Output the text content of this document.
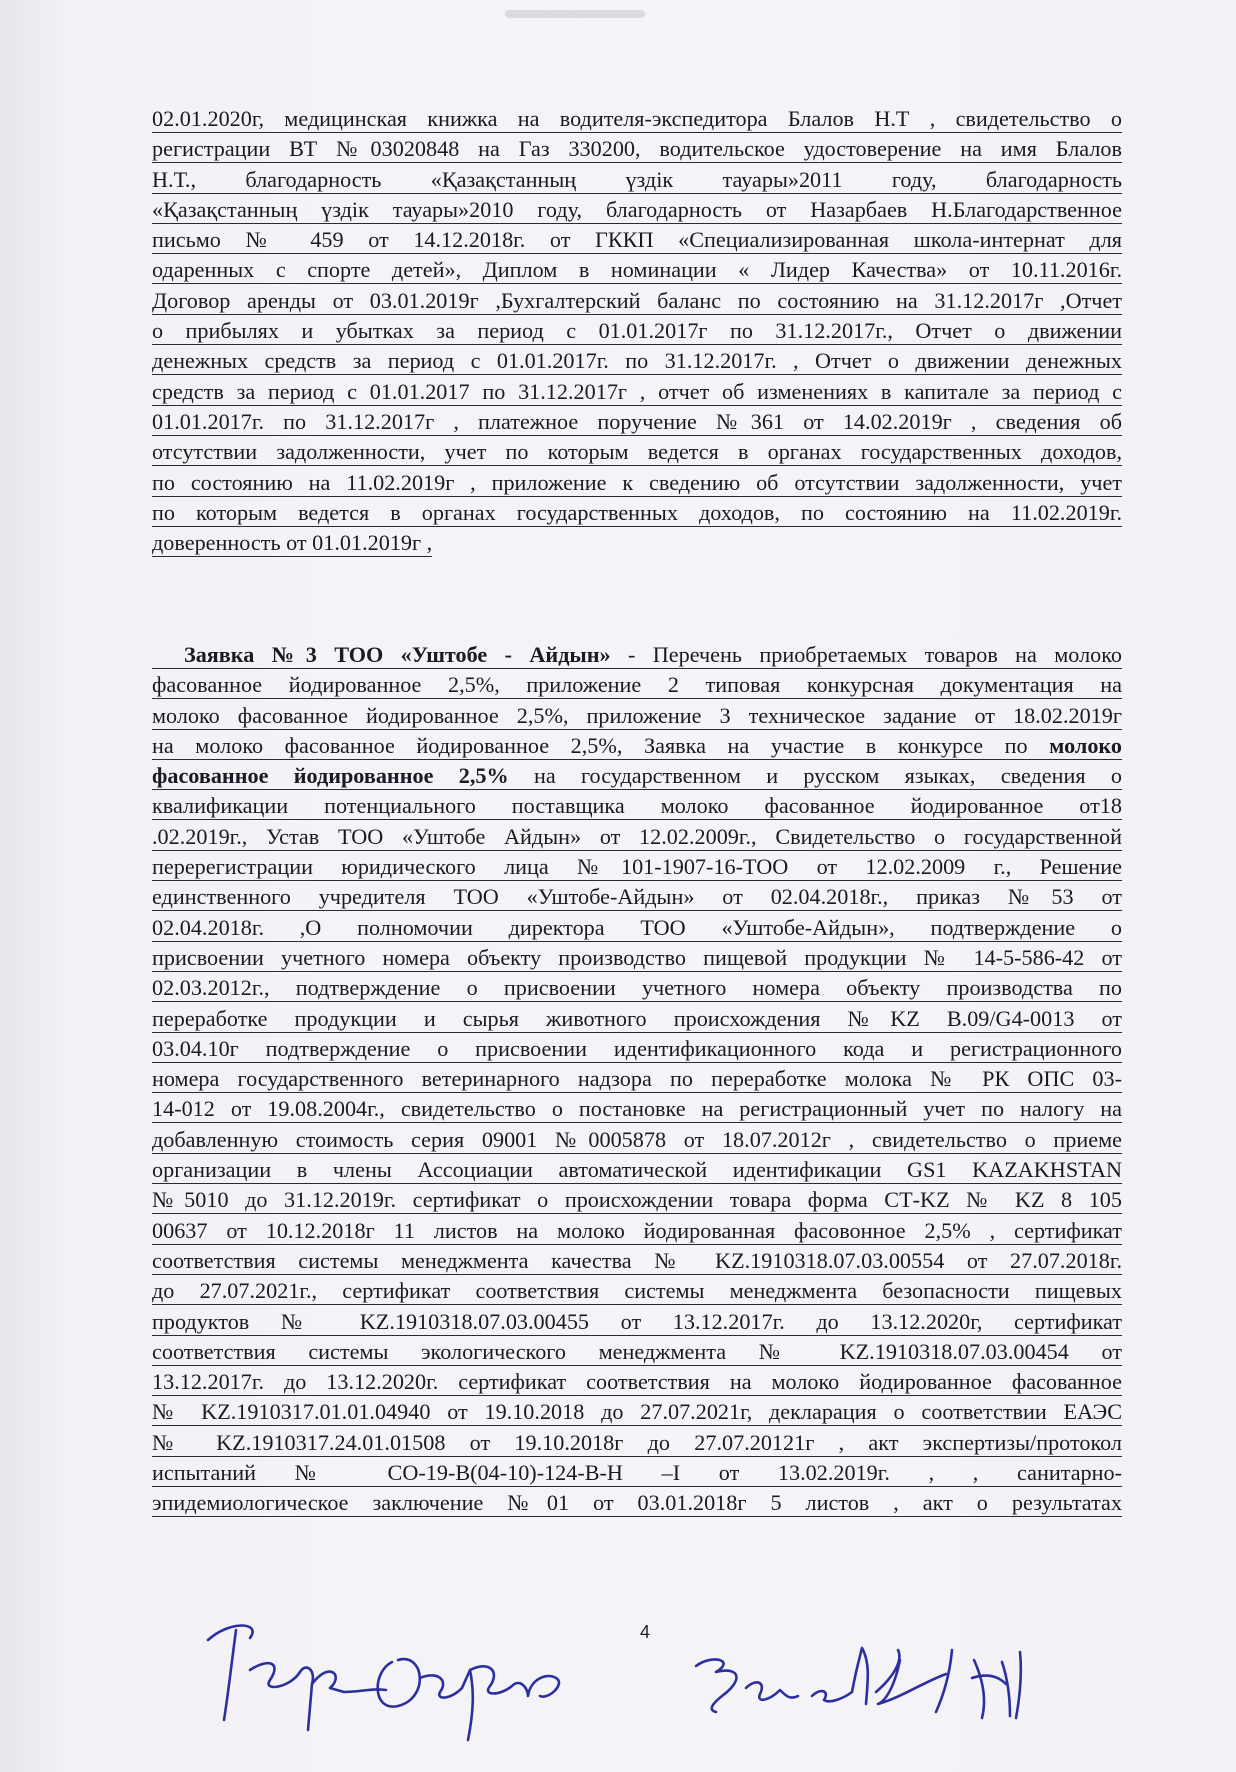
02.01.2020г, медицинская книжка на водителя-экспедитора Блалов Н.Т , свидетельство о
регистрации ВТ №03020848 на Газ 330200, водительское удостоверение на имя Блалов
Н.Т., благодарность «Қазақстанның үздік тауары»2011 году, благодарность
«Қазақстанның үздік тауары»2010 году, благодарность от Назарбаев Н.Благодарственное
письмо № 459 от 14.12.2018г. от ГККП «Специализированная школа-интернат для
одаренных с спорте детей», Диплом в номинации « Лидер Качества» от 10.11.2016г.
Договор аренды от 03.01.2019г ,Бухгалтерский баланс по состоянию на 31.12.2017г ,Отчет
о прибылях и убытках за период с 01.01.2017г по 31.12.2017г., Отчет о движении
денежных средств за период с 01.01.2017г. по 31.12.2017г. , Отчет о движении денежных
средств за период с 01.01.2017 по 31.12.2017г , отчет об изменениях в капитале за период с
01.01.2017г. по 31.12.2017г , платежное поручение №361 от 14.02.2019г , сведения об
отсутствии задолженности, учет по которым ведется в органах государственных доходов,
по состоянию на 11.02.2019г , приложение к сведению об отсутствии задолженности, учет
по которым ведется в органах государственных доходов, по состоянию на 11.02.2019г.
доверенность от 01.01.2019г ,
Заявка №3 ТОО «Уштобе - Айдын» - Перечень приобретаемых товаров на молоко
фасованное йодированное 2,5%, приложение 2 типовая конкурсная документация на
молоко фасованное йодированное 2,5%, приложение 3 техническое задание от 18.02.2019г
на молоко фасованное йодированное 2,5%, Заявка на участие в конкурсе по молоко
фасованное йодированное 2,5% на государственном и русском языках, сведения о
квалификации потенциального поставщика молоко фасованное йодированное от18
.02.2019г., Устав ТОО «Уштобе Айдын» от 12.02.2009г., Свидетельство о государственной
перерегистрации юридического лица №101-1907-16-ТОО от 12.02.2009 г., Решение
единственного учредителя ТОО «Уштобе-Айдын» от 02.04.2018г., приказ №53 от
02.04.2018г. ,О полномочии директора ТОО «Уштобе-Айдын», подтверждение о
присвоении учетного номера объекту производство пищевой продукции № 14-5-586-42 от
02.03.2012г., подтверждение о присвоении учетного номера объекту производства по
переработке продукции и сырья животного происхождения №KZ В.09/G4-0013 от
03.04.10г подтверждение о присвоении идентификационного кода и регистрационного
номера государственного ветеринарного надзора по переработке молока № РК ОПС 03-
14-012 от 19.08.2004г., свидетельство о постановке на регистрационный учет по налогу на
добавленную стоимость серия 09001 №0005878 от 18.07.2012г , свидетельство о приеме
организации в члены Ассоциации автоматической идентификации GS1 KAZAKHSTAN
№5010 до 31.12.2019г. сертификат о происхождении товара форма СТ-KZ № KZ 8 105
00637 от 10.12.2018г 11 листов на молоко йодированная фасовонное 2,5% , сертификат
соответствия системы менеджмента качества № KZ.1910318.07.03.00554 от 27.07.2018г.
до 27.07.2021г., сертификат соответствия системы менеджмента безопасности пищевых
продуктов № KZ.1910318.07.03.00455 от 13.12.2017г. до 13.12.2020г, сертификат
соответствия системы экологического менеджмента № KZ.1910318.07.03.00454 от
13.12.2017г. до 13.12.2020г. сертификат соответствия на молоко йодированное фасованное
№ KZ.1910317.01.01.04940 от 19.10.2018 до 27.07.2021г, декларация о соответствии ЕАЭС
№ KZ.1910317.24.01.01508 от 19.10.2018г до 27.07.20121г , акт экспертизы/протокол
испытаний № СО-19-В(04-10)-124-В-Н –I от 13.02.2019г. , , санитарно-
эпидемиологическое заключение №01 от 03.01.2018г 5 листов , акт о результатах
4
